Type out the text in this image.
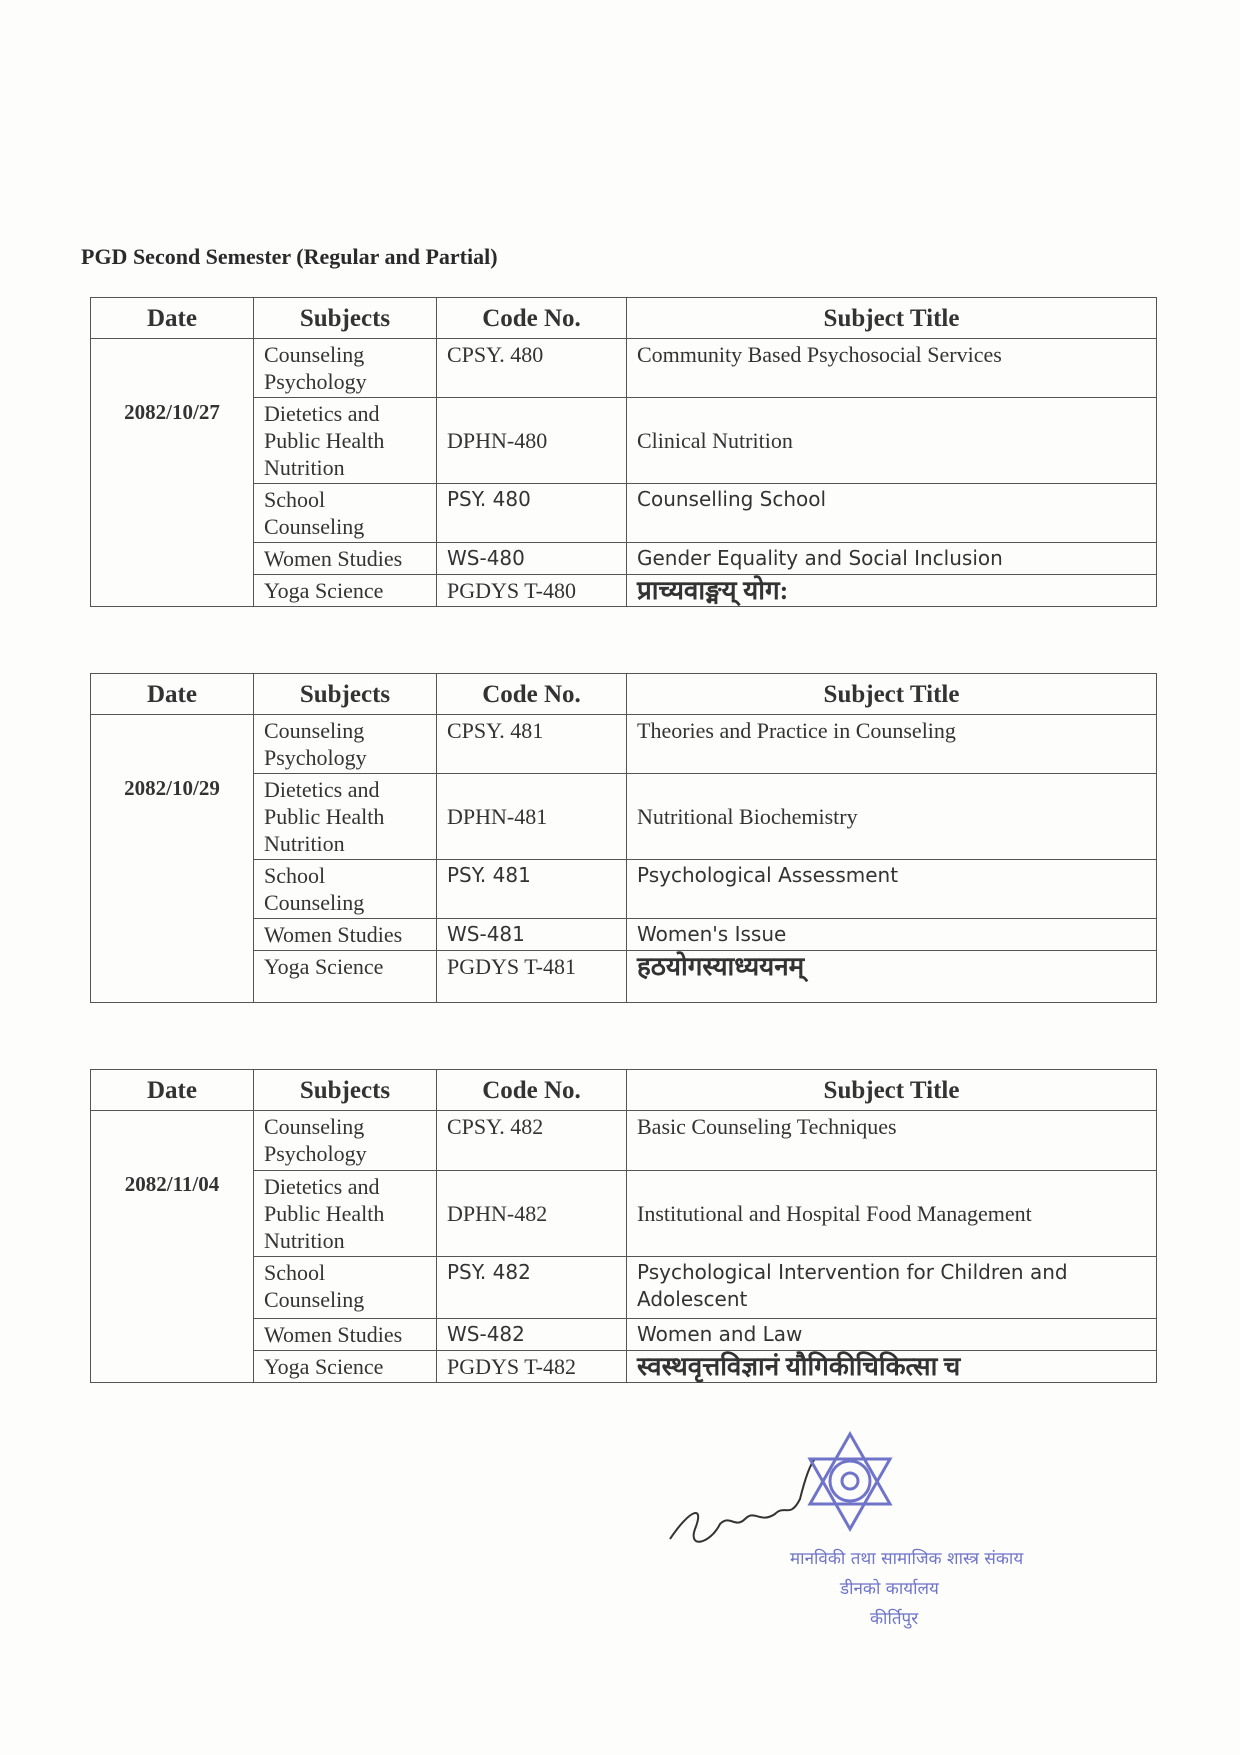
PGD Second Semester (Regular and Partial)
Date	Subjects	Code No.	Subject Title
2082/10/27	Counseling Psychology	CPSY. 480	Community Based Psychosocial Services
	Dietetics and Public Health Nutrition	DPHN-480	Clinical Nutrition
	School Counseling	PSY. 480	Counselling School
	Women Studies	WS-480	Gender Equality and Social Inclusion
	Yoga Science	PGDYS T-480	प्राच्यवाङ्मय् योग:
Date	Subjects	Code No.	Subject Title
2082/10/29	Counseling Psychology	CPSY. 481	Theories and Practice in Counseling
	Dietetics and Public Health Nutrition	DPHN-481	Nutritional Biochemistry
	School Counseling	PSY. 481	Psychological Assessment
	Women Studies	WS-481	Women's Issue
	Yoga Science	PGDYS T-481	हठयोगस्याध्ययनम्
Date	Subjects	Code No.	Subject Title
2082/11/04	Counseling Psychology	CPSY. 482	Basic Counseling Techniques
	Dietetics and Public Health Nutrition	DPHN-482	Institutional and Hospital Food Management
	School Counseling	PSY. 482	Psychological Intervention for Children and Adolescent
	Women Studies	WS-482	Women and Law
	Yoga Science	PGDYS T-482	स्वस्थवृत्तविज्ञानं यौगिकीचिकित्सा च
मानविकी तथा सामाजिक शास्त्र संकाय
डीनको कार्यालय
कीर्तिपुर
